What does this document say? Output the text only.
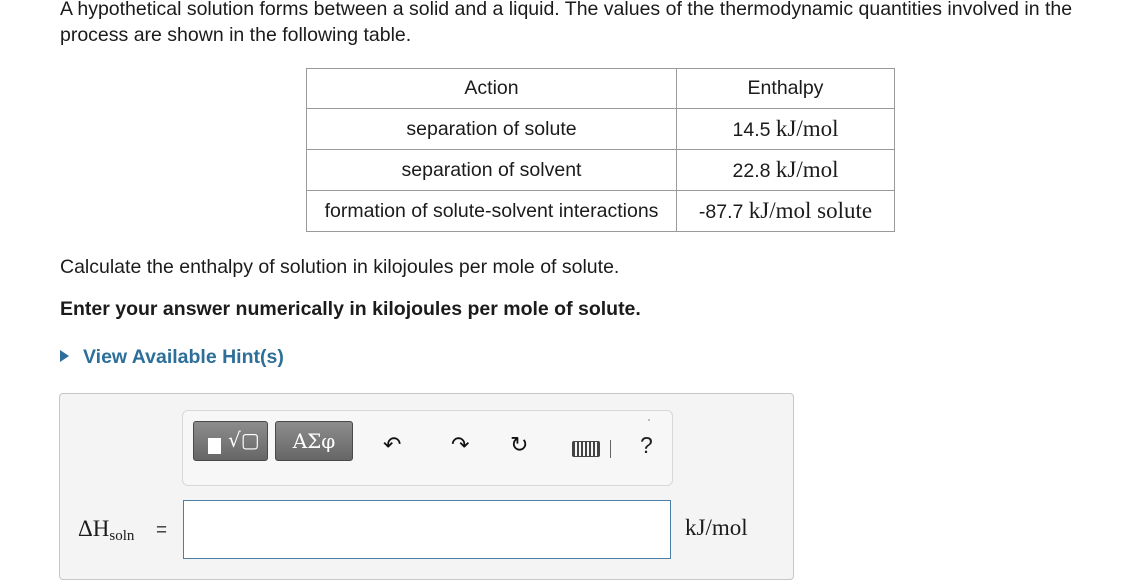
A hypothetical solution forms between a solid and a liquid. The values of the thermodynamic quantities involved in the process are shown in the following table.
Action	Enthalpy
separation of solute	14.5 kJ/mol
separation of solvent	22.8 kJ/mol
formation of solute-solvent interactions	-87.7 kJ/mol solute
Calculate the enthalpy of solution in kilojoules per mole of solute.
Enter your answer numerically in kilojoules per mole of solute.
View Available Hint(s)
√▢	ΑΣφ	↶ ↷ ↻	?
$\Delta H_{soln}$ =	kJ/mol
